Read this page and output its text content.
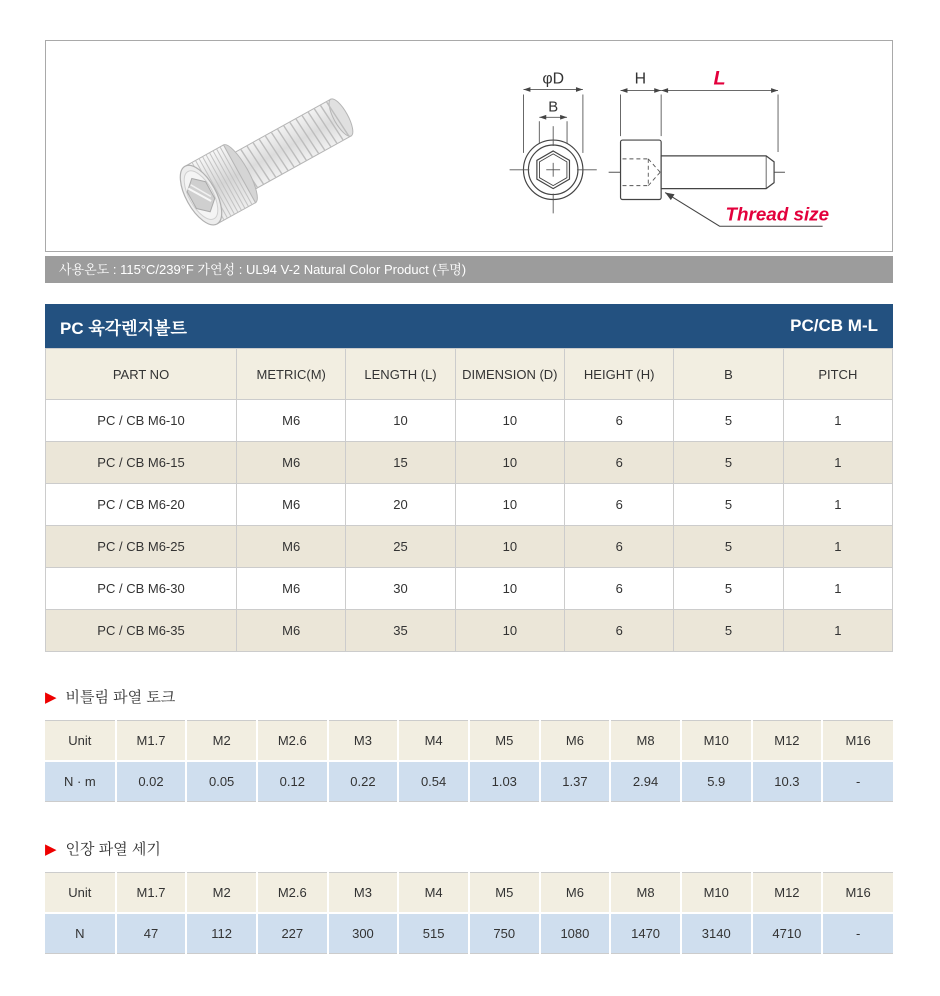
φD
B
H	L
Thread size
사용온도 : 115°C/239°F 가연성 : UL94 V-2 Natural Color Product (투명)
PC 육각렌지볼트	PC/CB M-L
PART NO	METRIC(M)	LENGTH (L)	DIMENSION (D)	HEIGHT (H)	B	PITCH
PC / CB M6-10	M6	10	10	6	5	1
PC / CB M6-15	M6	15	10	6	5	1
PC / CB M6-20	M6	20	10	6	5	1
PC / CB M6-25	M6	25	10	6	5	1
PC / CB M6-30	M6	30	10	6	5	1
PC / CB M6-35	M6	35	10	6	5	1
▶ 비틀림 파열 토크
Unit	M1.7	M2	M2.6	M3	M4	M5	M6	M8	M10	M12	M16
N · m	0.02	0.05	0.12	0.22	0.54	1.03	1.37	2.94	5.9	10.3	-
▶ 인장 파열 세기
Unit	M1.7	M2	M2.6	M3	M4	M5	M6	M8	M10	M12	M16
N	47	112	227	300	515	750	1080	1470	3140	4710	-
